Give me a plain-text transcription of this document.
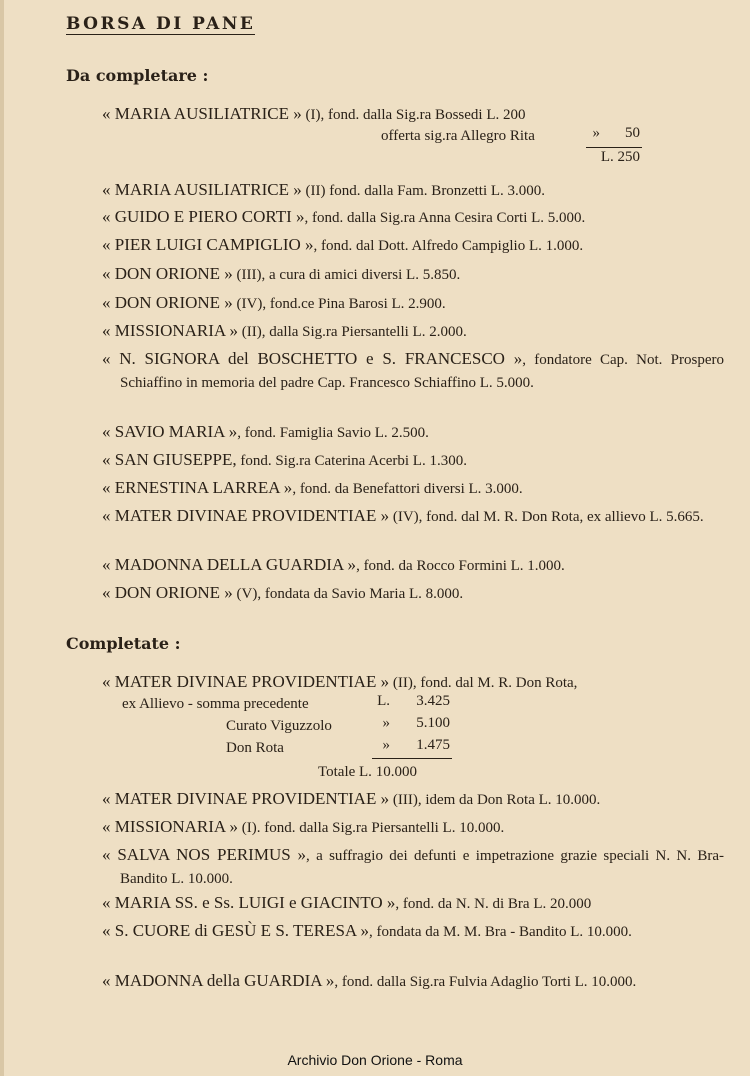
BORSA DI PANE
Da completare :
« MARIA AUSILIATRICE » (I), fond. dalla Sig.ra Bossedi L. 200
offerta sig.ra Allegro Rita	»	50
L. 250
« MARIA AUSILIATRICE » (II) fond. dalla Fam. Bronzetti L. 3.000.
« GUIDO E PIERO CORTI », fond. dalla Sig.ra Anna Cesira Corti L. 5.000.
« PIER LUIGI CAMPIGLIO », fond. dal Dott. Alfredo Campiglio L. 1.000.
« DON ORIONE » (III), a cura di amici diversi L. 5.850.
« DON ORIONE » (IV), fond.ce Pina Barosi L. 2.900.
« MISSIONARIA » (II), dalla Sig.ra Piersantelli L. 2.000.
« N. SIGNORA del BOSCHETTO e S. FRANCESCO », fondatore Cap. Not. Prospero Schiaffino in memoria del padre Cap. Francesco Schiaffino L. 5.000.
« SAVIO MARIA », fond. Famiglia Savio L. 2.500.
« SAN GIUSEPPE, fond. Sig.ra Caterina Acerbi L. 1.300.
« ERNESTINA LARREA », fond. da Benefattori diversi L. 3.000.
« MATER DIVINAE PROVIDENTIAE » (IV), fond. dal M. R. Don Rota, ex allievo L. 5.665.
« MADONNA DELLA GUARDIA », fond. da Rocco Formini L. 1.000.
« DON ORIONE » (V), fondata da Savio Maria L. 8.000.
Completate :
« MATER DIVINAE PROVIDENTIAE » (II), fond. dal M. R. Don Rota,
ex Allievo - somma precedente	L.	3.425
Curato Viguzzolo	»	5.100
Don Rota	»	1.475
Totale L. 10.000
« MATER DIVINAE PROVIDENTIAE » (III), idem da Don Rota L. 10.000.
« MISSIONARIA » (I). fond. dalla Sig.ra Piersantelli L. 10.000.
« SALVA NOS PERIMUS », a suffragio dei defunti e impetrazione grazie speciali N. N. Bra-Bandito L. 10.000.
« MARIA SS. e Ss. LUIGI e GIACINTO », fond. da N. N. di Bra L. 20.000
« S. CUORE di GESÙ E S. TERESA », fondata da M. M. Bra - Bandito L. 10.000.
« MADONNA della GUARDIA », fond. dalla Sig.ra Fulvia Adaglio Torti L. 10.000.
Archivio Don Orione - Roma
